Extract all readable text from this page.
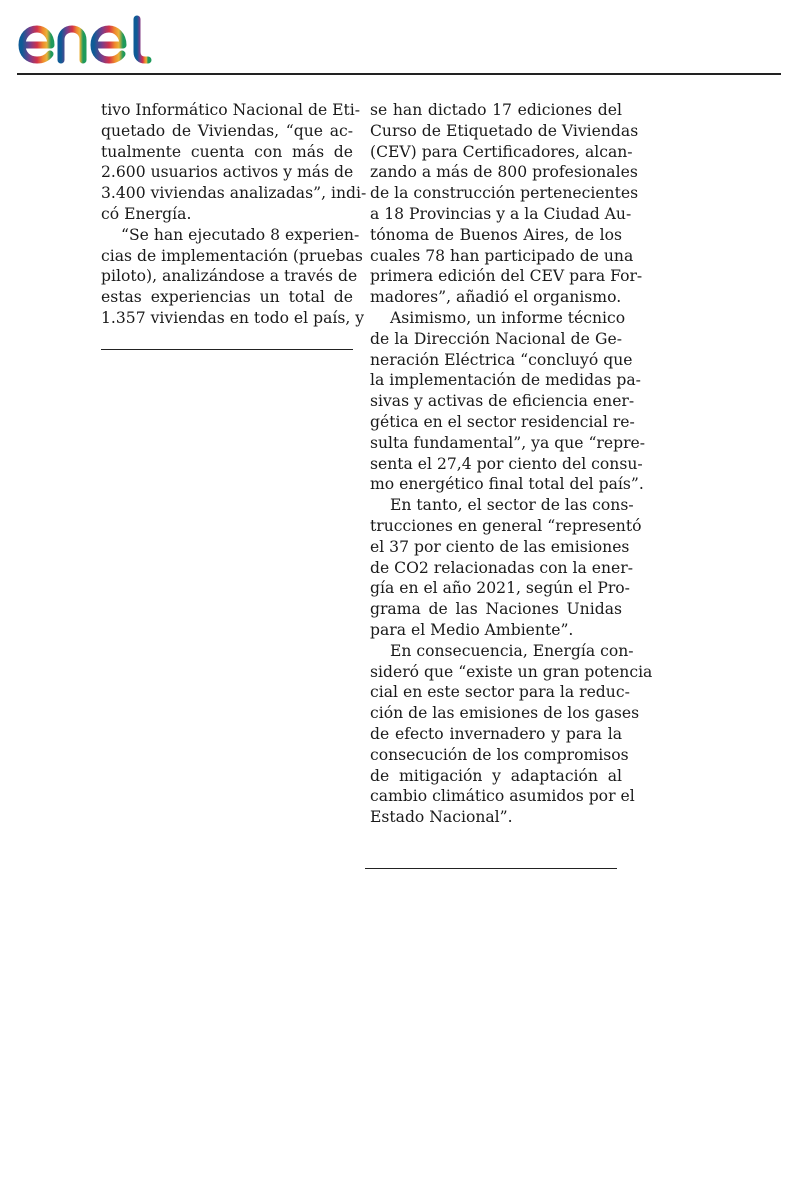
tivo Informático Nacional de Eti-
quetado de Viviendas, “que ac-
tualmente cuenta con más de
2.600 usuarios activos y más de
3.400 viviendas analizadas”, indi-
có Energía.
“Se han ejecutado 8 experien-
cias de implementación (pruebas
piloto), analizándose a través de
estas experiencias un total de
1.357 viviendas en todo el país, y
se han dictado 17 ediciones del
Curso de Etiquetado de Viviendas
(CEV) para Certificadores, alcan-
zando a más de 800 profesionales
de la construcción pertenecientes
a 18 Provincias y a la Ciudad Au-
tónoma de Buenos Aires, de los
cuales 78 han participado de una
primera edición del CEV para For-
madores”, añadió el organismo.
Asimismo, un informe técnico
de la Dirección Nacional de Ge-
neración Eléctrica “concluyó que
la implementación de medidas pa-
sivas y activas de eficiencia ener-
gética en el sector residencial re-
sulta fundamental”, ya que “repre-
senta el 27,4 por ciento del consu-
mo energético final total del país”.
En tanto, el sector de las cons-
trucciones en general “representó
el 37 por ciento de las emisiones
de CO2 relacionadas con la ener-
gía en el año 2021, según el Pro-
grama de las Naciones Unidas
para el Medio Ambiente”.
En consecuencia, Energía con-
sideró que “existe un gran potencia
cial en este sector para la reduc-
ción de las emisiones de los gases
de efecto invernadero y para la
consecución de los compromisos
de mitigación y adaptación al
cambio climático asumidos por el
Estado Nacional”.
